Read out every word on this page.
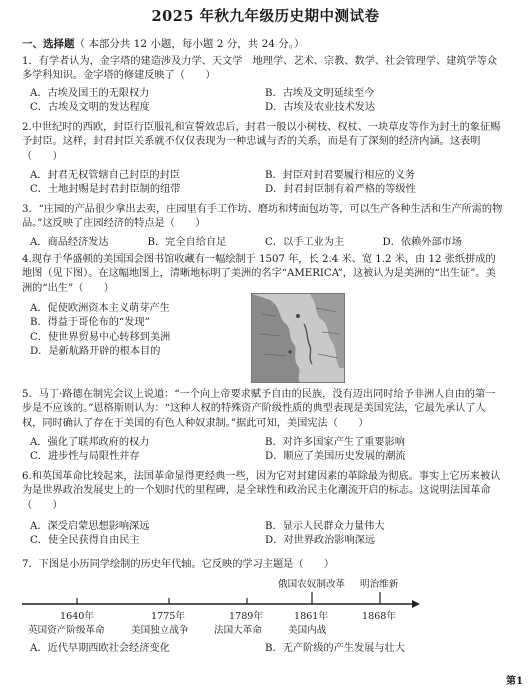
2025 年秋九年级历史期中测试卷
一、选择题（ 本部分共 12 小题，每小题 2 分，共 24 分。）
1．有学者认为，金字塔的建造涉及力学、天文学　地理学、艺术、宗教、数学、社会管理学、建筑学等众多学科知识。金字塔的修建反映了（　　）
A．古埃及国王的无限权力	B．古埃及文明延续至今 C．古埃及文明的发达程度	D．古埃及农业技术发达
2.中世纪时的西欧，封臣行臣服礼和宣誓效忠后，封君一般以小树枝、权杖、一块草皮等作为封土的象征赐予封臣。这样，封君封臣关系就不仅仅表现为一种忠诚与否的关系，而是有了深刻的经济内涵。这表明（　　）
A．封君无权管辖自己封臣的封臣	B．封臣对封君要履行相应的义务 C．土地封赐是封君封臣制的纽带	D．封君封臣制有着严格的等级性
3．“庄园的产品很少拿出去卖，庄园里有手工作坊、磨坊和烤面包坊等，可以生产各种生活和生产所需的物品。”这反映了庄园经济的特点是（　　）
A．商品经济发达	B．完全自给自足	C．以手工业为主	D．依赖外部市场
4.现存于华盛顿的美国国会图书馆收藏有一幅绘制于 1507 年，长 2.4 米、宽 1.2 米，由 12 张纸拼成的地图（见下图）。在这幅地图上，清晰地标明了美洲的名字“AMERICA”，这被认为是美洲的“出生证”。美洲的“出生”（　　）
A．促使欧洲资本主义萌芽产生
B．得益于哥伦布的“发现”
C．使世界贸易中心转移到美洲
D．是新航路开辟的根本目的
5．马丁·路德在制宪会议上说道：“一个向上帝要求赋予自由的民族，没有迈出同时给予非洲人自由的第一步是不应该的。”恩格斯则认为：“这种人权的特殊资产阶级性质的典型表现是美国宪法，它最先承认了人权，同时确认了存在于美国的有色人种奴隶制。”据此可知，美国宪法（　　）
A．强化了联邦政府的权力	B．对许多国家产生了重要影响 C．进步性与局限性并存	D．顺应了美国历史发展的潮流
6.和英国革命比较起来，法国革命显得更经典一些，因为它对封建因素的革除最为彻底。事实上它历来被认为是世界政治发展史上的一个划时代的里程碑，是全球性和政治民主化潮流开启的标志。这说明法国革命（　　）
A．深受启蒙思想影响深远	B．显示人民群众力量伟大 C．使全民获得自由民主	D．对世界政治影响深远
7．下图是小历同学绘制的历史年代轴。它反映的学习主题是（　　）
俄国农奴制改革 明治维新
1640年
英国资产阶级革命
1775年
美国独立战争
1789年
法国大革命
1861年
美国内战
1868年
A．近代早期西欧社会经济变化	B．无产阶级的产生发展与壮大
第1
